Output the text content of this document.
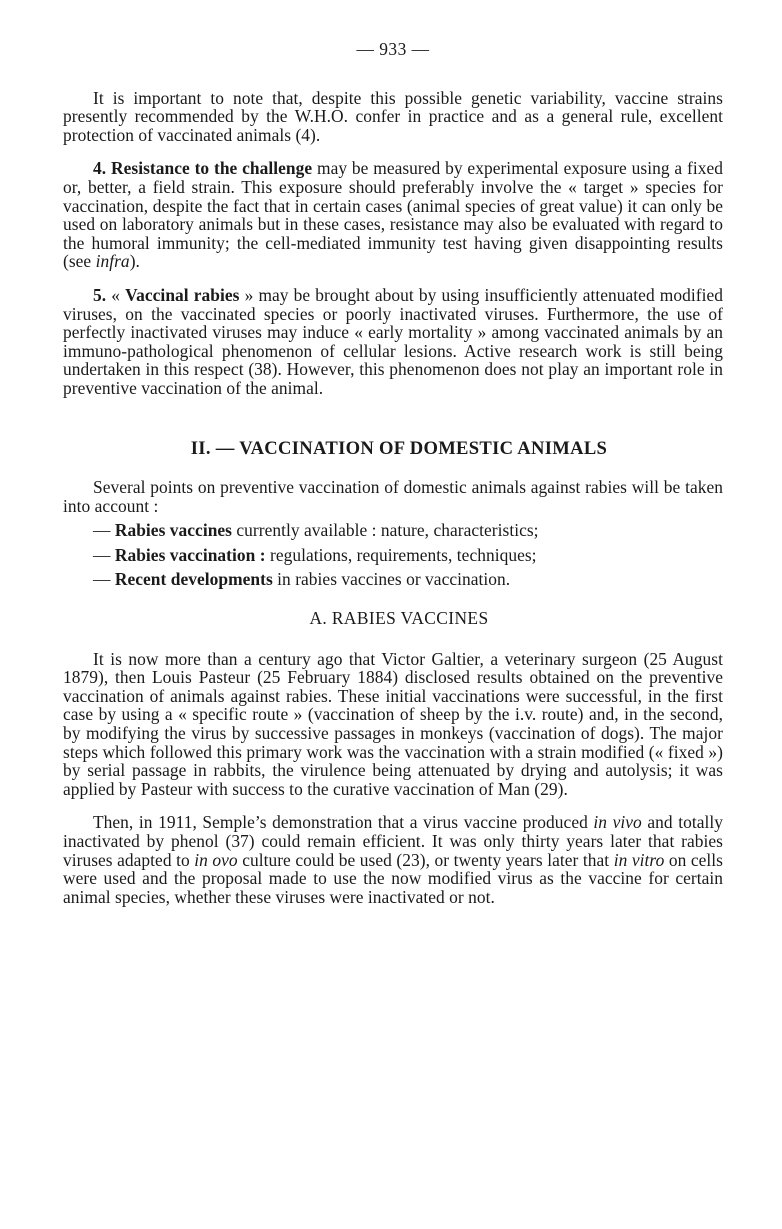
— 933 —

It is important to note that, despite this possible genetic variability, vaccine strains presently recommended by the W.H.O. confer in practice and as a general rule, excellent protection of vaccinated animals (4).

4. Resistance to the challenge may be measured by experimental exposure using a fixed or, better, a field strain. This exposure should preferably involve the « target » species for vaccination, despite the fact that in certain cases (animal species of great value) it can only be used on laboratory animals but in these cases, resistance may also be evaluated with regard to the humoral immunity; the cell-mediated immunity test having given disappointing results (see infra).

5. « Vaccinal rabies » may be brought about by using insufficiently attenuated modified viruses, on the vaccinated species or poorly inactivated viruses. Furthermore, the use of perfectly inactivated viruses may induce « early mortality » among vaccinated animals by an immuno-pathological phenomenon of cellular lesions. Active research work is still being undertaken in this respect (38). However, this phenomenon does not play an important role in preventive vaccination of the animal.

II. — VACCINATION OF DOMESTIC ANIMALS

Several points on preventive vaccination of domestic animals against rabies will be taken into account :

— Rabies vaccines currently available : nature, characteristics;
— Rabies vaccination : regulations, requirements, techniques;
— Recent developments in rabies vaccines or vaccination.
A. RABIES VACCINES

It is now more than a century ago that Victor Galtier, a veterinary surgeon (25 August 1879), then Louis Pasteur (25 February 1884) disclosed results obtained on the preventive vaccination of animals against rabies. These initial vaccinations were successful, in the first case by using a « specific route » (vaccination of sheep by the i.v. route) and, in the second, by modifying the virus by successive passages in monkeys (vaccination of dogs). The major steps which followed this primary work was the vaccination with a strain modified (« fixed ») by serial passage in rabbits, the virulence being attenuated by drying and autolysis; it was applied by Pasteur with success to the curative vaccination of Man (29).

Then, in 1911, Semple’s demonstration that a virus vaccine produced in vivo and totally inactivated by phenol (37) could remain efficient. It was only thirty years later that rabies viruses adapted to in ovo culture could be used (23), or twenty years later that in vitro on cells were used and the proposal made to use the now modified virus as the vaccine for certain animal species, whether these viruses were inactivated or not.
